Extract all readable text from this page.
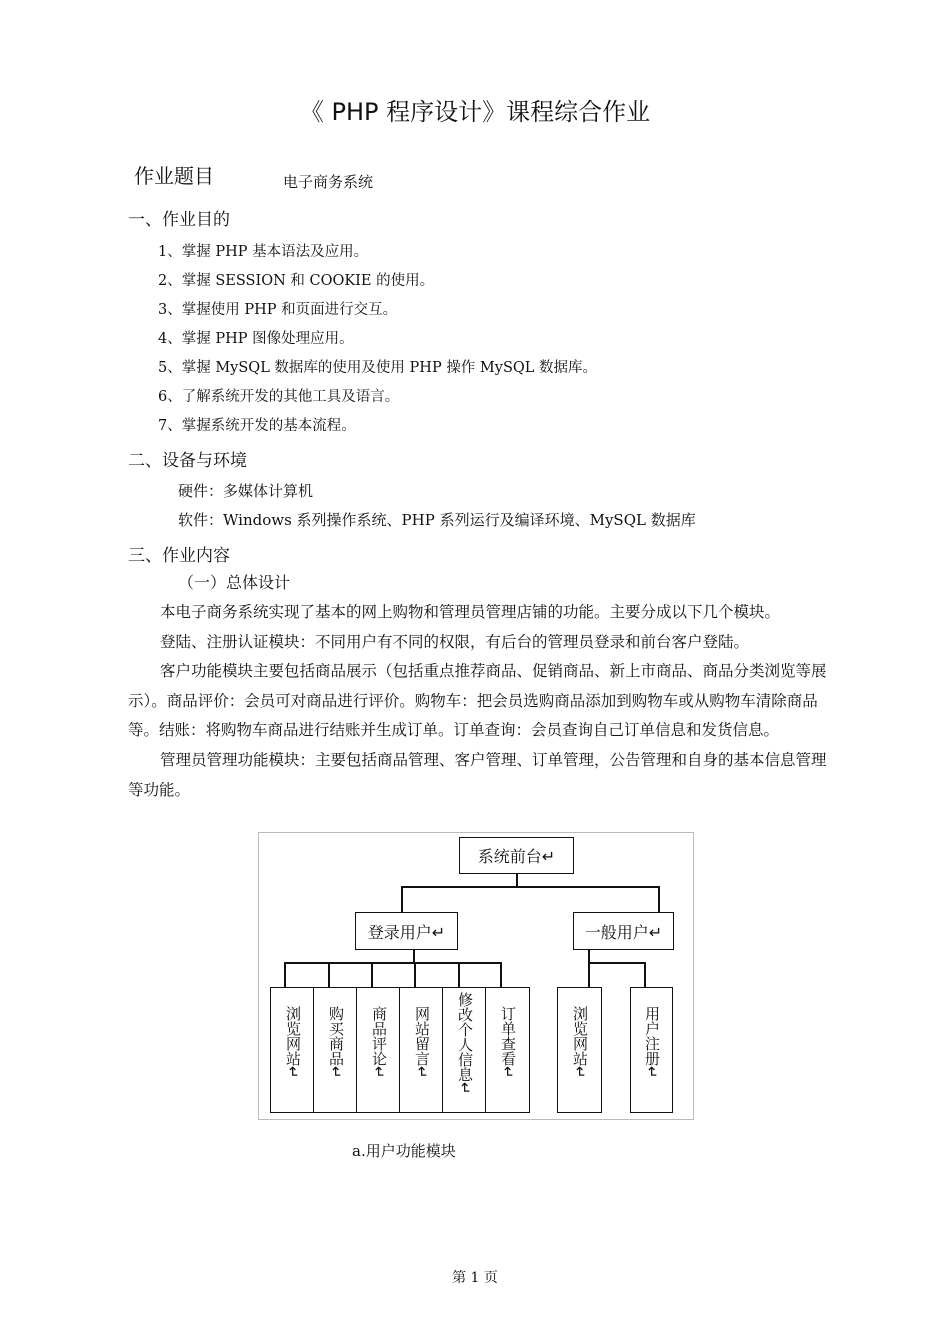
《 PHP 程序设计》课程综合作业
作业题目	电子商务系统
一、作业目的
1、掌握 PHP 基本语法及应用。
2、掌握 SESSION 和 COOKIE 的使用。
3、掌握使用 PHP 和页面进行交互。
4、掌握 PHP 图像处理应用。
5、掌握 MySQL 数据库的使用及使用 PHP 操作 MySQL 数据库。
6、了解系统开发的其他工具及语言。
7、掌握系统开发的基本流程。
二、设备与环境
硬件：多媒体计算机
软件：Windows 系列操作系统、PHP 系列运行及编译环境、MySQL 数据库
三、作业内容
（一）总体设计

本电子商务系统实现了基本的网上购物和管理员管理店铺的功能。主要分成以下几个模块。

登陆、注册认证模块：不同用户有不同的权限，有后台的管理员登录和前台客户登陆。

客户功能模块主要包括商品展示（包括重点推荐商品、促销商品、新上市商品、商品分类浏览等展示）。商品评价：会员可对商品进行评价。购物车：把会员选购商品添加到购物车或从购物车清除商品等。结账：将购物车商品进行结账并生成订单。订单查询：会员查询自己订单信息和发货信息。

管理员管理功能模块：主要包括商品管理、客户管理、订单管理，公告管理和自身的基本信息管理等功能。

系统前台↵
登录用户↵	一般用户↵
浏览网站↵ 购买商品↵ 商品评论↵ 网站留言↵ 修改个人信息↵ 订单查看↵	浏览网站↵	用户注册↵
a.用户功能模块
第 1 页
